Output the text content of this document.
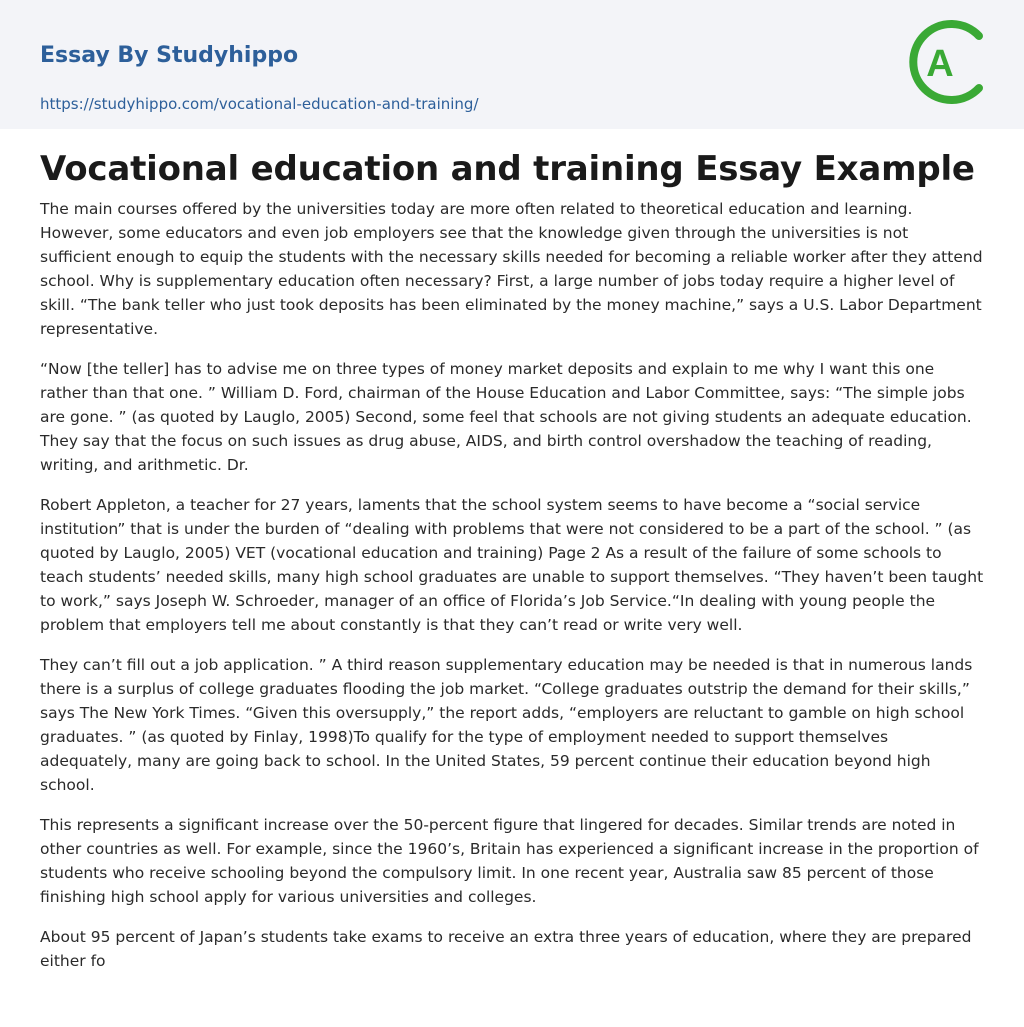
Essay By Studyhippo
https://studyhippo.com/vocational-education-and-training/
A
Vocational education and training Essay Example

The main courses offered by the universities today are more often related to theoretical education and learning. However, some educators and even job employers see that the knowledge given through the universities is not sufficient enough to equip the students with the necessary skills needed for becoming a reliable worker after they attend school. Why is supplementary education often necessary? First, a large number of jobs today require a higher level of skill. “The bank teller who just took deposits has been eliminated by the money machine,” says a U.S. Labor Department representative.

“Now [the teller] has to advise me on three types of money market deposits and explain to me why I want this one rather than that one. ” William D. Ford, chairman of the House Education and Labor Committee, says: “The simple jobs are gone. ” (as quoted by Lauglo, 2005) Second, some feel that schools are not giving students an adequate education. They say that the focus on such issues as drug abuse, AIDS, and birth control overshadow the teaching of reading, writing, and arithmetic. Dr.

Robert Appleton, a teacher for 27 years, laments that the school system seems to have become a “social service institution” that is under the burden of “dealing with problems that were not considered to be a part of the school. ” (as quoted by Lauglo, 2005) VET (vocational education and training) Page 2 As a result of the failure of some schools to teach students’ needed skills, many high school graduates are unable to support themselves. “They haven’t been taught to work,” says Joseph W. Schroeder, manager of an office of Florida’s Job Service.“In dealing with young people the problem that employers tell me about constantly is that they can’t read or write very well.

They can’t fill out a job application. ” A third reason supplementary education may be needed is that in numerous lands there is a surplus of college graduates flooding the job market. “College graduates outstrip the demand for their skills,” says The New York Times. “Given this oversupply,” the report adds, “employers are reluctant to gamble on high school graduates. ” (as quoted by Finlay, 1998)To qualify for the type of employment needed to support themselves adequately, many are going back to school. In the United States, 59 percent continue their education beyond high school.

This represents a significant increase over the 50-percent figure that lingered for decades. Similar trends are noted in other countries as well. For example, since the 1960’s, Britain has experienced a significant increase in the proportion of students who receive schooling beyond the compulsory limit. In one recent year, Australia saw 85 percent of those finishing high school apply for various universities and colleges.

About 95 percent of Japan’s students take exams to receive an extra three years of education, where they are prepared either fo
